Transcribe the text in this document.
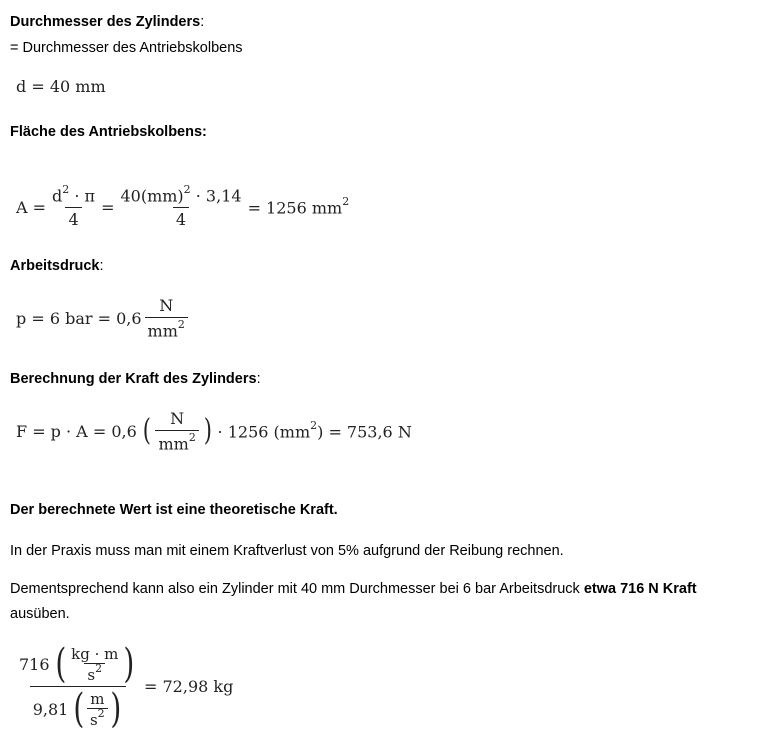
Durchmesser des Zylinders:
= Durchmesser des Antriebskolbens
d = 40 mm
Fläche des Antriebskolbens:
$A = \frac{d^2 \cdot \pi}{4} = \frac{40(mm)^2 \cdot 3,14}{4} = 1256$ $mm^2$
Arbeitsdruck:
p = 6 bar = $0,6 \frac{N}{mm^2}$
Berechnung der Kraft des Zylinders:
F = p · A = 0,6 ( $\frac{N}{mm^2}$ ) · 1256 $(mm^2) = 753,6$ N
Der berechnete Wert ist eine theoretische Kraft.
In der Praxis muss man mit einem Kraftverlust von 5% aufgrund der Reibung rechnen.
Dementsprechend kann also ein Zylinder mit 40 mm Durchmesser bei 6 bar Arbeitsdruck etwa 716 N Kraft
ausüben.
$\frac{716 ( \frac{kg \cdot m}{s^2} )}{9,81 ( \frac{m}{s^2} )} = 72,98$ kg
